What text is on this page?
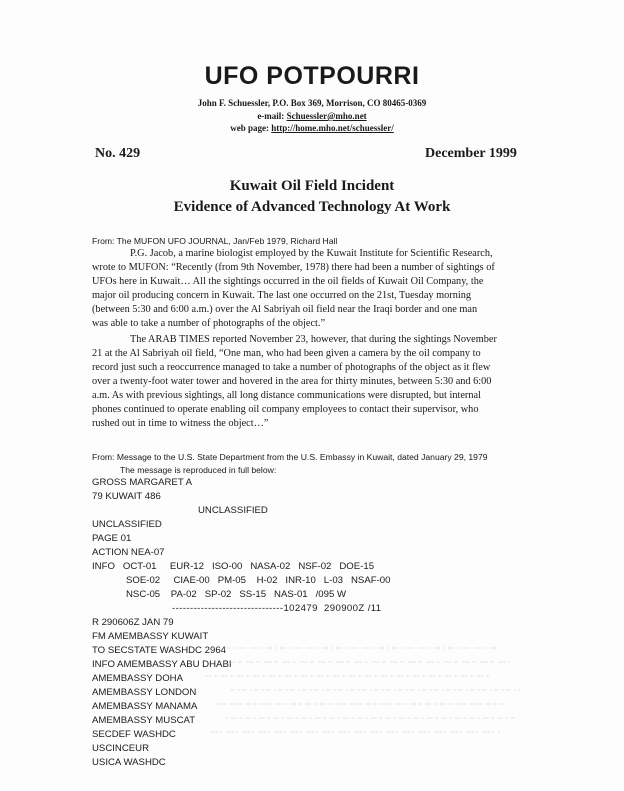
UFO POTPOURRI
John F. Schuessler, P.O. Box 369, Morrison, CO 80465-0369
e-mail: Schuessler@mho.net
web page: http://home.mho.net/schuessler/
No. 429	December 1999
Kuwait Oil Field Incident
Evidence of Advanced Technology At Work
From: The MUFON UFO JOURNAL, Jan/Feb 1979, Richard Hall
P.G. Jacob, a marine biologist employed by the Kuwait Institute for Scientific Research,
wrote to MUFON: “Recently (from 9th November, 1978) there had been a number of sightings of
UFOs here in Kuwait… All the sightings occurred in the oil fields of Kuwait Oil Company, the
major oil producing concern in Kuwait. The last one occurred on the 21st, Tuesday morning
(between 5:30 and 6:00 a.m.) over the Al Sabriyah oil field near the Iraqi border and one man
was able to take a number of photographs of the object.”
The ARAB TIMES reported November 23, however, that during the sightings November
21 at the Al Sabriyah oil field, “One man, who had been given a camera by the oil company to
record just such a reoccurrence managed to take a number of photographs of the object as it flew
over a twenty-foot water tower and hovered in the area for thirty minutes, between 5:30 and 6:00
a.m. As with previous sightings, all long distance communications were disrupted, but internal
phones continued to operate enabling oil company employees to contact their supervisor, who
rushed out in time to witness the object…”
From: Message to the U.S. State Department from the U.S. Embassy in Kuwait, dated January 29, 1979
The message is reproduced in full below:
GROSS MARGARET A
79 KUWAIT 486
UNCLASSIFIED
UNCLASSIFIED
PAGE 01
ACTION NEA-07
INFO   OCT-01     EUR-12   ISO-00   NASA-02   NSF-02   DOE-15
SOE-02     CIAE-00   PM-05    H-02   INR-10   L-03   NSAF-00
NSC-05    PA-02   SP-02   SS-15   NAS-01   /095 W
-------------------------------102479  290900Z /11
R 290606Z JAN 79
FM AMEMBASSY KUWAIT
TO SECSTATE WASHDC 2964
INFO AMEMBASSY ABU DHABI
AMEMBASSY DOHA
AMEMBASSY LONDON
AMEMBASSY MANAMA
AMEMBASSY MUSCAT
SECDEF WASHDC
USCINCEUR
USICA WASHDC
